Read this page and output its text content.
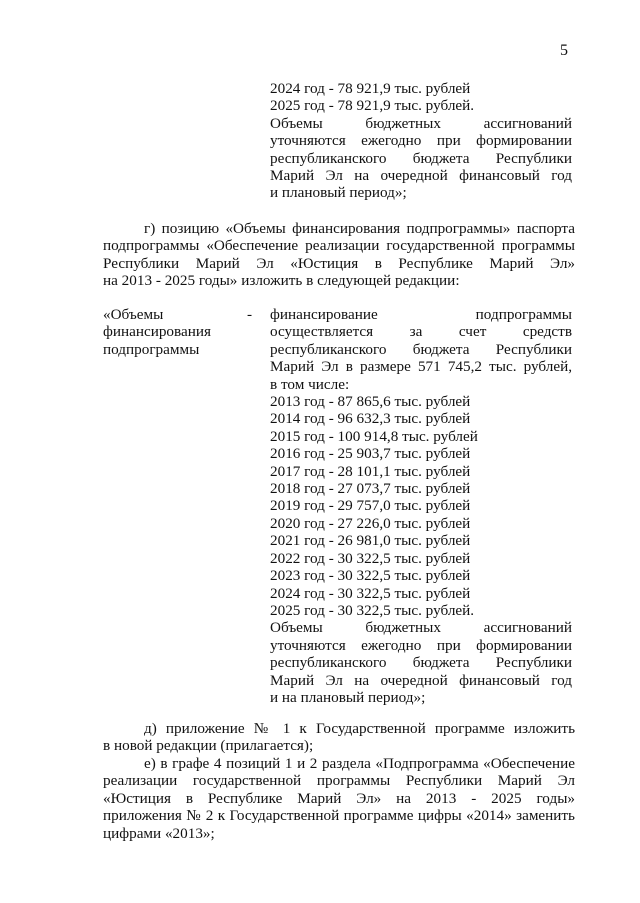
5
2024 год - 78 921,9 тыс. рублей
2025 год - 78 921,9 тыс. рублей.
Объемы бюджетных ассигнований
уточняются ежегодно при формировании
республиканского бюджета Республики
Марий Эл на очередной финансовый год
и плановый период»;
г) позицию «Объемы финансирования подпрограммы» паспорта
подпрограммы «Обеспечение реализации государственной программы
Республики Марий Эл «Юстиция в Республике Марий Эл»
на 2013 - 2025 годы» изложить в следующей редакции:
«Объемы
финансирования
подпрограммы
- финансирование подпрограммы
осуществляется за счет средств
республиканского бюджета Республики
Марий Эл в размере 571 745,2 тыс. рублей,
в том числе:
2013 год - 87 865,6 тыс. рублей
2014 год - 96 632,3 тыс. рублей
2015 год - 100 914,8 тыс. рублей
2016 год - 25 903,7 тыс. рублей
2017 год - 28 101,1 тыс. рублей
2018 год - 27 073,7 тыс. рублей
2019 год - 29 757,0 тыс. рублей
2020 год - 27 226,0 тыс. рублей
2021 год - 26 981,0 тыс. рублей
2022 год - 30 322,5 тыс. рублей
2023 год - 30 322,5 тыс. рублей
2024 год - 30 322,5 тыс. рублей
2025 год - 30 322,5 тыс. рублей.
Объемы бюджетных ассигнований
уточняются ежегодно при формировании
республиканского бюджета Республики
Марий Эл на очередной финансовый год
и на плановый период»;
д) приложение № 1 к Государственной программе изложить
в новой редакции (прилагается);
е) в графе 4 позиций 1 и 2 раздела «Подпрограмма «Обеспечение
реализации государственной программы Республики Марий Эл
«Юстиция в Республике Марий Эл» на 2013 - 2025 годы»
приложения № 2 к Государственной программе цифры «2014» заменить
цифрами «2013»;
